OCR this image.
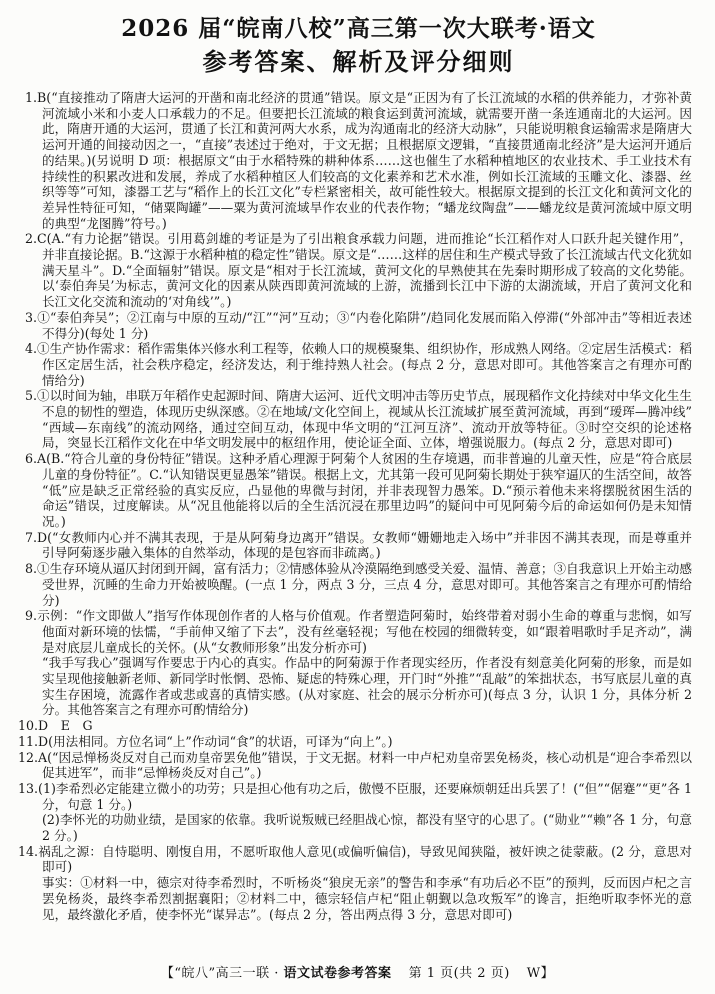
2026 届“皖南八校”高三第一次大联考·语文
参考答案、解析及评分细则

1.B(“直接推动了隋唐大运河的开凿和南北经济的贯通”错误。原文是“正因为有了长江流域的水稻的供养能力，才弥补黄河流域小米和小麦人口承载力的不足。但要把长江流域的粮食运到黄河流域，就需要开凿一条连通南北的大运河。因此，隋唐开通的大运河，贯通了长江和黄河两大水系，成为沟通南北的经济大动脉”，只能说明粮食运输需求是隋唐大运河开通的间接动因之一，“直接”表述过于绝对，于文无据；且根据原文逻辑，“直接贯通南北经济”是大运河开通后的结果。)(另说明 D 项：根据原文“由于水稻特殊的耕种体系……这也催生了水稻种植地区的农业技术、手工业技术有持续性的积累改进和发展，养成了水稻种植区人们较高的文化素养和艺术水准，例如长江流域的玉雕文化、漆器、丝织等等”可知，漆器工艺与“稻作上的长江文化”专栏紧密相关，故可能性较大。根据原文提到的长江文化和黄河文化的差异性特征可知，“储粟陶罐”——粟为黄河流域旱作农业的代表作物；“蟠龙纹陶盘”——蟠龙纹是黄河流域中原文明的典型“龙图腾”符号。)

2.C(A.“有力论据”错误。引用葛剑雄的考证是为了引出粮食承载力问题，进而推论“长江稻作对人口跃升起关键作用”，并非直接论据。B.“这源于水稻种植的稳定性”错误。原文是“……这样的居住和生产模式导致了长江流域古代文化犹如满天星斗”。D.“全面辐射”错误。原文是“相对于长江流域，黄河文化的早熟使其在先秦时期形成了较高的文化势能。以‘泰伯奔吴’为标志，黄河文化的因素从陕西即黄河流域的上游，流播到长江中下游的太湖流域，开启了黄河文化和长江文化交流和流动的‘对角线’”。)

3.①“泰伯奔吴”；②江南与中原的互动/“江”“河”互动；③“内卷化陷阱”/趋同化发展而陷入停滞(“外部冲击”等相近表述不得分)(每处 1 分)

4.①生产协作需求：稻作需集体兴修水利工程等，依赖人口的规模聚集、组织协作，形成熟人网络。②定居生活模式：稻作区定居生活，社会秩序稳定，经济发达，利于维持熟人社会。(每点 2 分，意思对即可。其他答案言之有理亦可酌情给分)

5.①以时间为轴，串联万年稻作史起源时间、隋唐大运河、近代文明冲击等历史节点，展现稻作文化持续对中华文化生生不息的韧性的塑造，体现历史纵深感。②在地域/文化空间上，视域从长江流域扩展至黄河流域，再到“瑷珲—腾冲线”“西域—东南线”的流动网络，通过空间互动，体现中华文明的“江河互济”、流动开放等特征。③时空交织的论述格局，突显长江稻作文化在中华文明发展中的枢纽作用，使论证全面、立体，增强说服力。(每点 2 分，意思对即可)

6.A(B.“符合儿童的身份特征”错误。这种矛盾心理源于阿菊个人贫困的生存境遇，而非普遍的儿童天性，应是“符合底层儿童的身份特征”。C.“认知错误更显愚笨”错误。根据上文，尤其第一段可见阿菊长期处于狭窄逼仄的生活空间，故答“低”应是缺乏正常经验的真实反应，凸显他的卑微与封闭，并非表现智力愚笨。D.“预示着他未来将摆脱贫困生活的命运”错误，过度解读。从“况且他能将以后的全生活沉浸在那里边吗”的疑问中可见阿菊今后的命运如何仍是未知情况。)

7.D(“女教师内心并不满其表现，于是从阿菊身边离开”错误。女教师“姗姗地走入场中”并非因不满其表现，而是尊重并引导阿菊逐步融入集体的自然举动，体现的是包容而非疏离。)

8.①生存环境从逼仄封闭到开阔，富有活力；②情感体验从冷漠隔绝到感受关爱、温情、善意；③自我意识上开始主动感受世界，沉睡的生命力开始被唤醒。(一点 1 分，两点 3 分，三点 4 分，意思对即可。其他答案言之有理亦可酌情给分)

9.示例：“作文即做人”指写作体现创作者的人格与价值观。作者塑造阿菊时，始终带着对弱小生命的尊重与悲悯，如写他面对新环境的怯懦，“手前伸又缩了下去”，没有丝毫轻视；写他在校园的细微转变，如“跟着唱歌时手足齐动”，满是对底层儿童成长的关怀。(从“女教师形象”出发分析亦可)

“我手写我心”强调写作要忠于内心的真实。作品中的阿菊源于作者现实经历，作者没有刻意美化阿菊的形象，而是如实呈现他接触新老师、新同学时怅惘、恐怖、疑虑的特殊心理，开门时“外推”“乱敲”的笨拙状态，书写底层儿童的真实生存困境，流露作者或悲或喜的真情实感。(从对家庭、社会的展示分析亦可)(每点 3 分，认识 1 分，具体分析 2 分。其他答案言之有理亦可酌情给分)

10.D　E　G

11.D(用法相同。方位名词“上”作动词“食”的状语，可译为“向上”。)

12.A(“因忌惮杨炎反对自己而劝皇帝罢免他”错误，于文无据。材料一中卢杞劝皇帝罢免杨炎，核心动机是“迎合李希烈以促其进军”，而非“忌惮杨炎反对自己”。)

13.(1)李希烈必定能建立微小的功劳；只是担心他有功之后，傲慢不臣服，还要麻烦朝廷出兵罢了！(“但”“倨蹇”“更”各 1 分，句意 1 分。)

(2)李怀光的功勋业绩，是国家的依靠。我听说叛贼已经胆战心惊，都没有坚守的心思了。(“勋业”“赖”各 1 分，句意 2 分。)

14.祸乱之源：自恃聪明、刚愎自用，不愿听取他人意见(或偏听偏信)，导致见闻狭隘，被奸谀之徒蒙蔽。(2 分，意思对即可)

事实：①材料一中，德宗对待李希烈时，不听杨炎“狼戾无亲”的警告和李承“有功后必不臣”的预判，反而因卢杞之言罢免杨炎，最终李希烈割据襄阳；②材料二中，德宗轻信卢杞“阻止朝觐以急攻叛军”的谗言，拒绝听取李怀光的意见，最终激化矛盾，使李怀光“谋异志”。(每点 2 分，答出两点得 3 分，意思对即可)

【“皖八”高三一联 · 语文试卷参考答案 第 1 页(共 2 页) W】
